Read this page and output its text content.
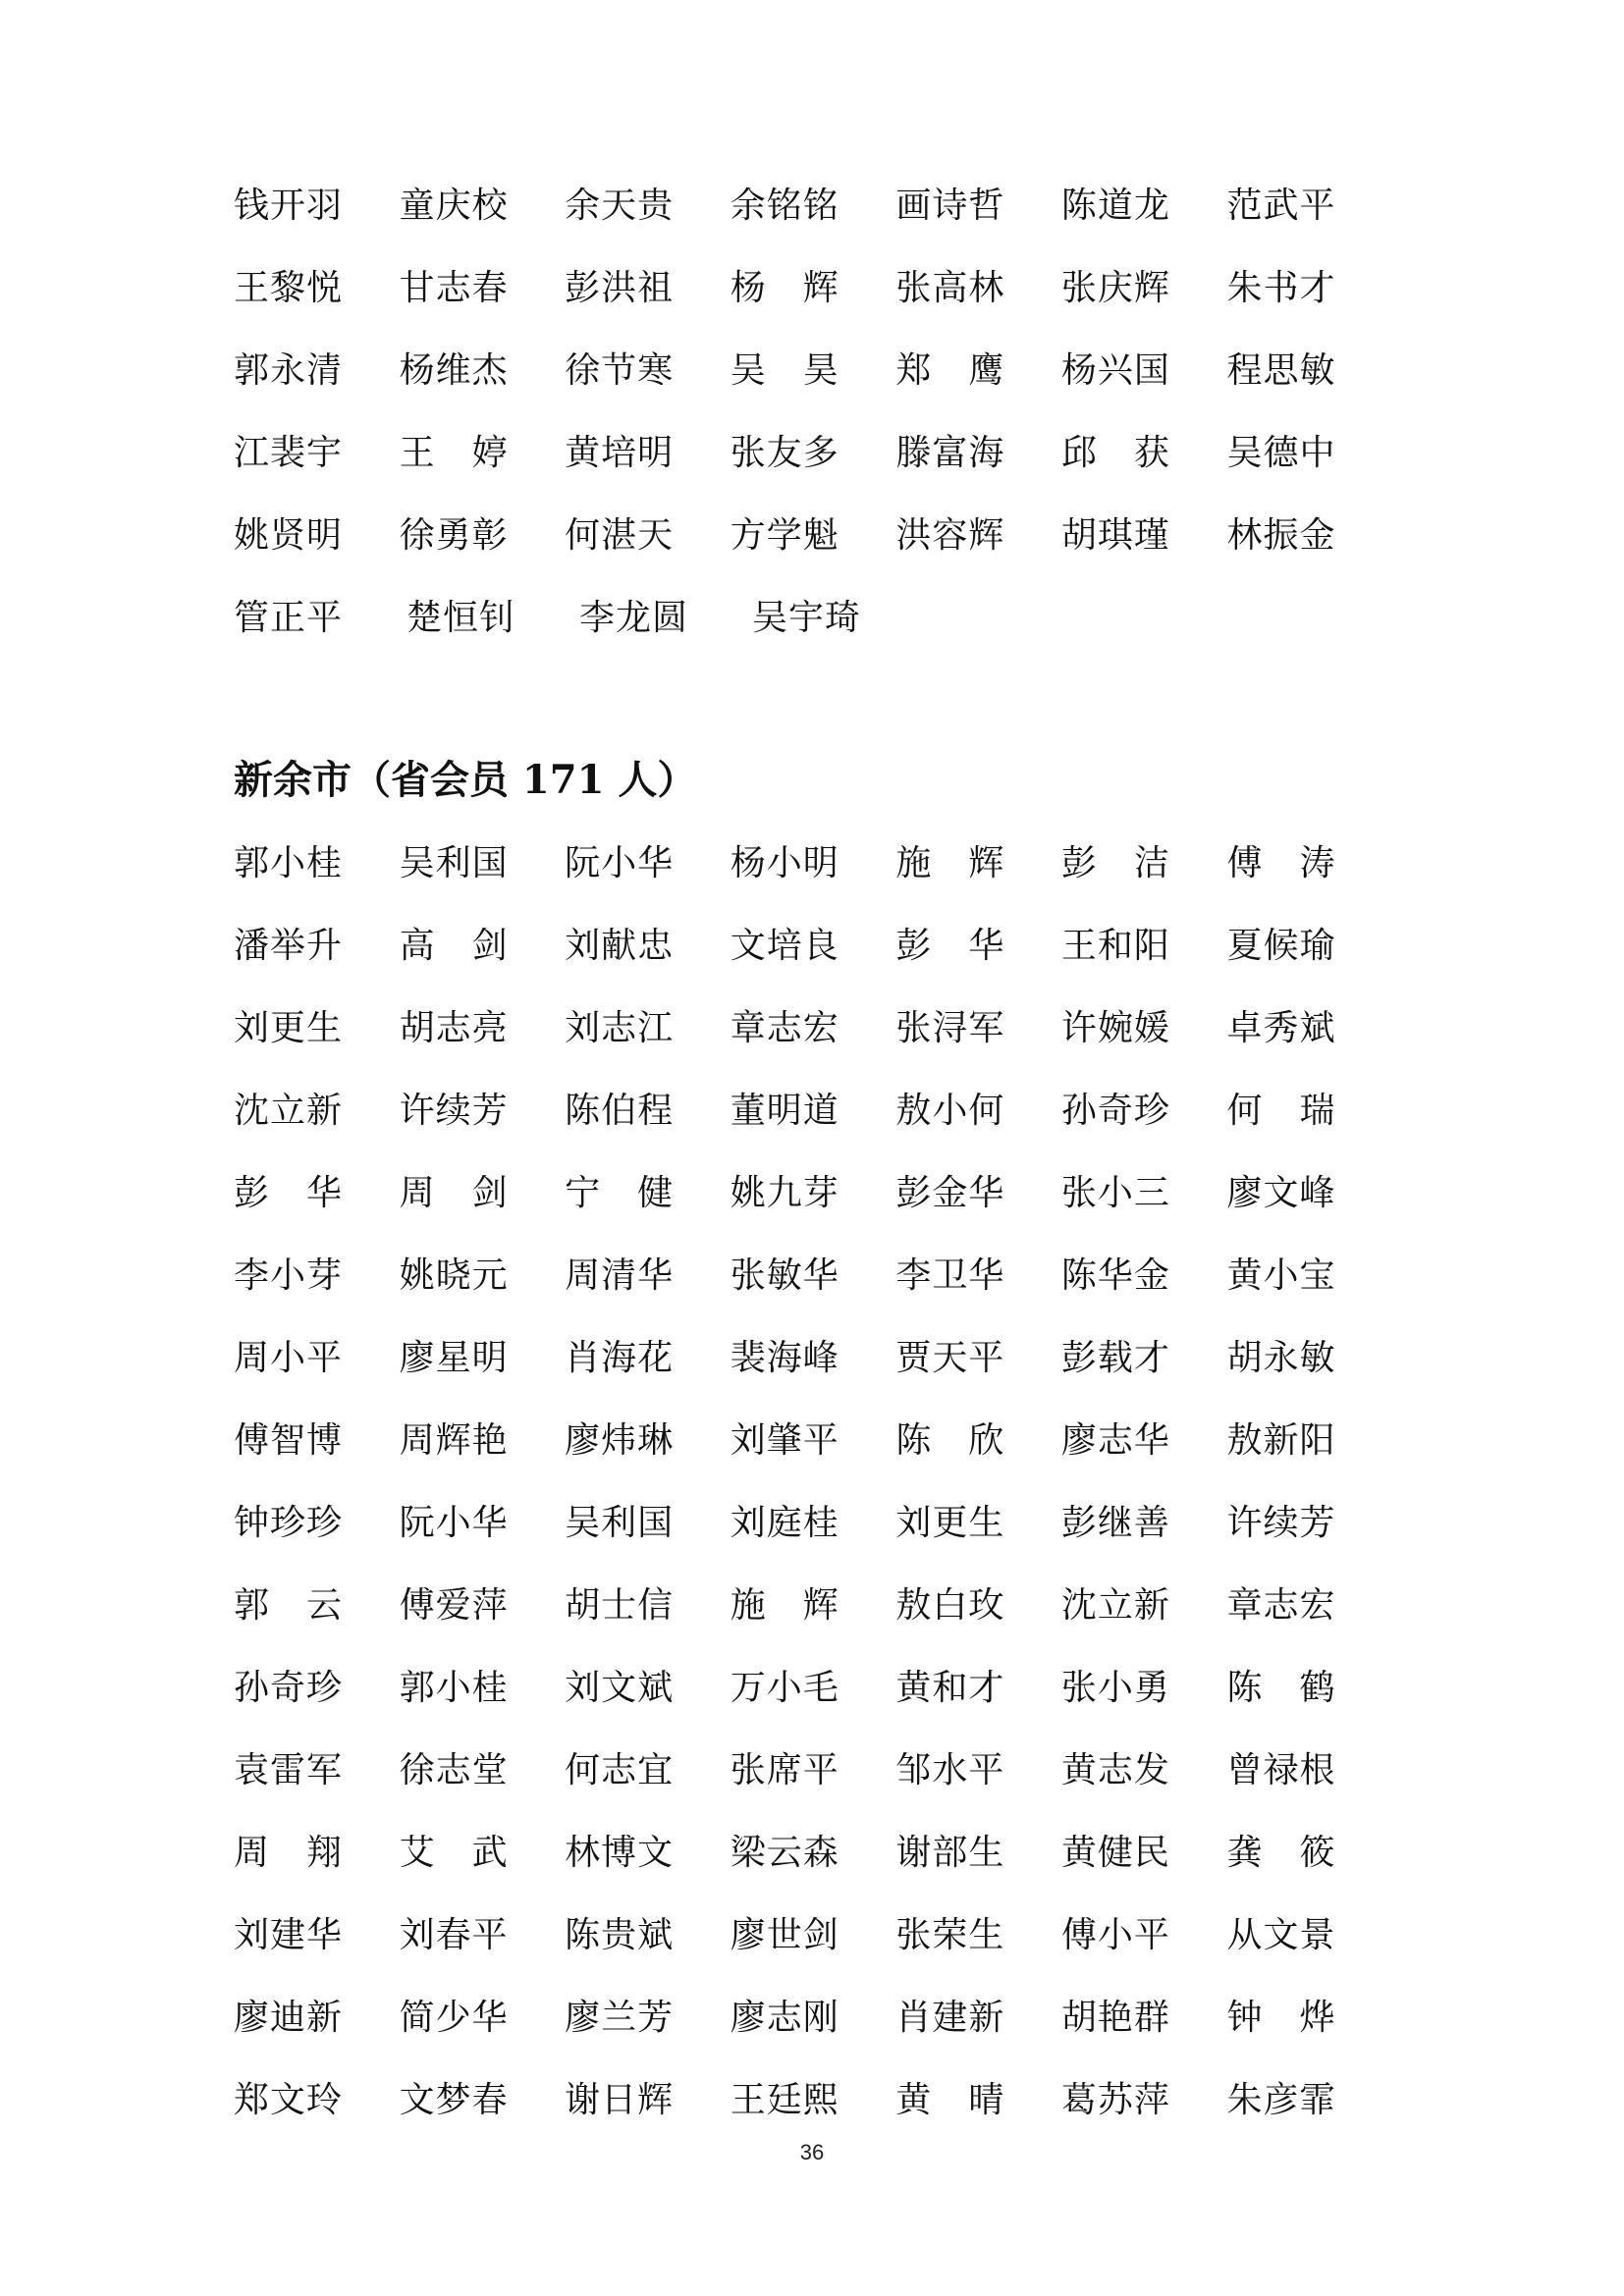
钱开羽	童庆校	余天贵	余铭铭	画诗哲	陈道龙	范武平
王黎悦	甘志春	彭洪祖	杨　辉	张高林	张庆辉	朱书才
郭永清	杨维杰	徐节寒	吴　昊	郑　鹰	杨兴国	程思敏
江裴宇	王　婷	黄培明	张友多	滕富海	邱　获	吴德中
姚贤明	徐勇彰	何湛天	方学魁	洪容辉	胡琪瑾	林振金
管正平	楚恒钊	李龙圆	吴宇琦
新余市（省会员 171 人）
郭小桂	吴利国	阮小华	杨小明	施　辉	彭　洁	傅　涛
潘举升	高　剑	刘献忠	文培良	彭　华	王和阳	夏候瑜
刘更生	胡志亮	刘志江	章志宏	张浔军	许婉媛	卓秀斌
沈立新	许续芳	陈伯程	董明道	敖小何	孙奇珍	何　瑞
彭　华	周　剑	宁　健	姚九芽	彭金华	张小三	廖文峰
李小芽	姚晓元	周清华	张敏华	李卫华	陈华金	黄小宝
周小平	廖星明	肖海花	裴海峰	贾天平	彭载才	胡永敏
傅智博	周辉艳	廖炜琳	刘肇平	陈　欣	廖志华	敖新阳
钟珍珍	阮小华	吴利国	刘庭桂	刘更生	彭继善	许续芳
郭　云	傅爱萍	胡士信	施　辉	敖白玫	沈立新	章志宏
孙奇珍	郭小桂	刘文斌	万小毛	黄和才	张小勇	陈　鹤
袁雷军	徐志堂	何志宜	张席平	邹水平	黄志发	曾禄根
周　翔	艾　武	林博文	梁云森	谢部生	黄健民	龚　筱
刘建华	刘春平	陈贵斌	廖世剑	张荣生	傅小平	从文景
廖迪新	简少华	廖兰芳	廖志刚	肖建新	胡艳群	钟　烨
郑文玲	文梦春	谢日辉	王廷熙	黄　晴	葛苏萍	朱彦霏
36
